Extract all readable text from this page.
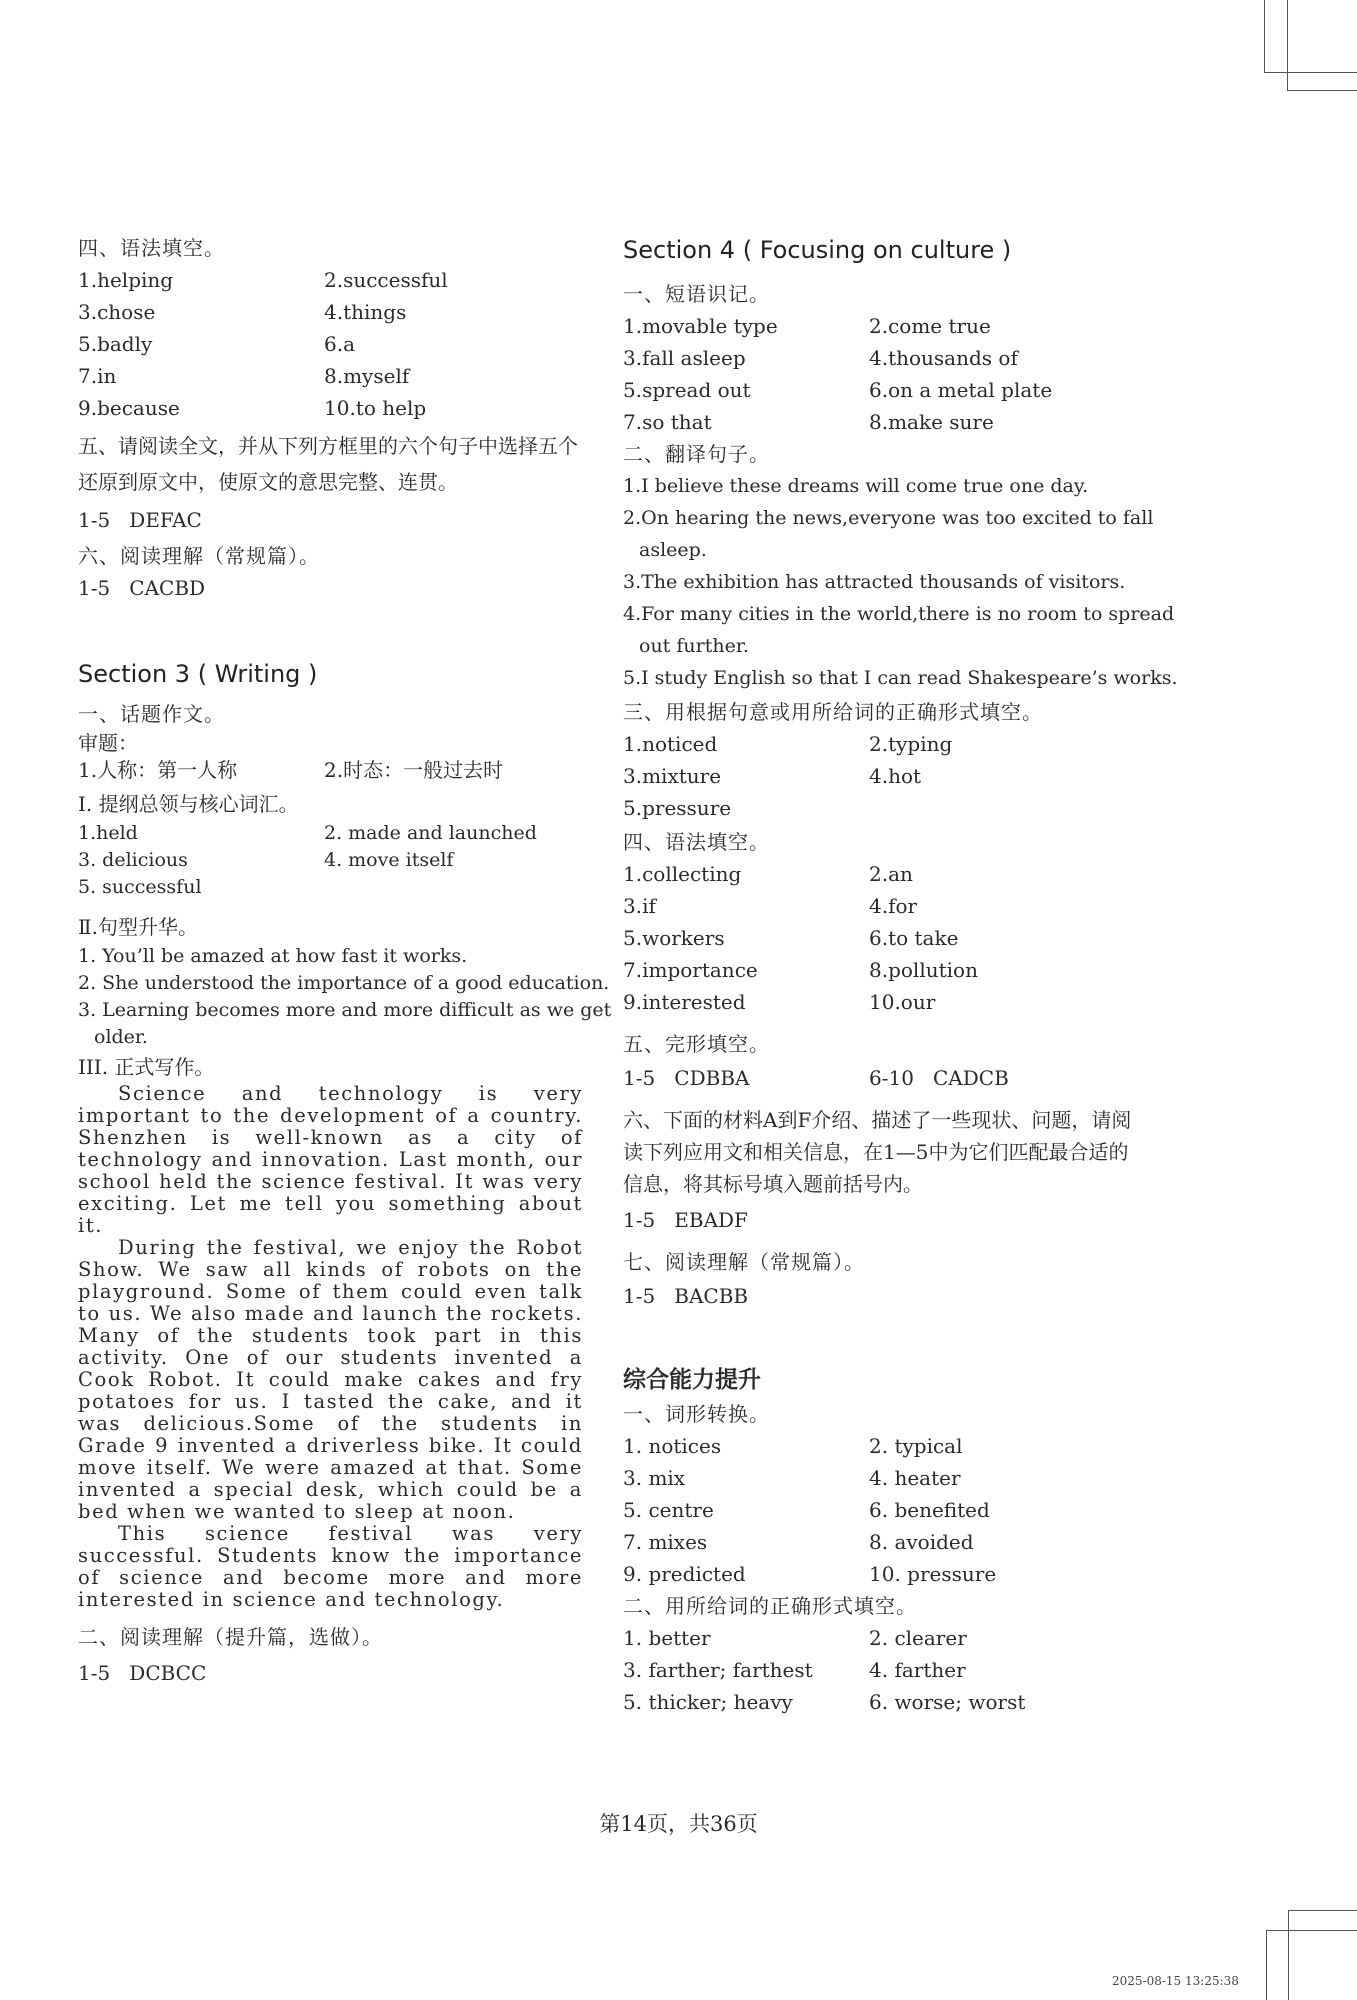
四、语法填空。
1.helping	2.successful
3.chose	4.things
5.badly	6.a
7.in	8.myself
9.because	10.to help
五、请阅读全文，并从下列方框里的六个句子中选择五个还原到原文中，使原文的意思完整、连贯。
1-5   DEFAC
六、阅读理解（常规篇）。
1-5   CACBD
Section 3 ( Writing )
一、话题作文。
审题：
1.人称：第一人称	2.时态：一般过去时
Ⅰ. 提纲总领与核心词汇。
1.held	2. made and launched
3. delicious	4. move itself
5. successful
Ⅱ.句型升华。
1. You’ll be amazed at how fast it works.
2. She understood the importance of a good education.
3. Learning becomes more and more difficult as we get
older.
III. 正式写作。

Science and technology is very important to the development of a country. Shenzhen is well-known as a city of technology and innovation. Last month, our school held the science festival. It was very exciting. Let me tell you something about it.

During the festival, we enjoy the Robot Show. We saw all kinds of robots on the playground. Some of them could even talk to us. We also made and launch the rockets. Many of the students took part in this activity. One of our students invented a Cook Robot. It could make cakes and fry potatoes for us. I tasted the cake, and it was delicious.Some of the students in Grade 9 invented a driverless bike. It could move itself. We were amazed at that. Some invented a special desk, which could be a bed when we wanted to sleep at noon.

This science festival was very successful. Students know the importance of science and become more and more interested in science and technology.

二、阅读理解（提升篇，选做）。
1-5   DCBCC
Section 4 ( Focusing on culture )
一、短语识记。
1.movable type	2.come true
3.fall asleep	4.thousands of
5.spread out	6.on a metal plate
7.so that	8.make sure
二、翻译句子。
1.I believe these dreams will come true one day.
2.On hearing the news,everyone was too excited to fall
asleep.
3.The exhibition has attracted thousands of visitors.
4.For many cities in the world,there is no room to spread
out further.
5.I study English so that I can read Shakespeare’s works.
三、用根据句意或用所给词的正确形式填空。
1.noticed	2.typing
3.mixture	4.hot
5.pressure
四、语法填空。
1.collecting	2.an
3.if	4.for
5.workers	6.to take
7.importance	8.pollution
9.interested	10.our
五、完形填空。
1-5   CDBBA	6-10   CADCB
六、下面的材料A到F介绍、描述了一些现状、问题，请阅读下列应用文和相关信息，在1—5中为它们匹配最合适的信息，将其标号填入题前括号内。
1-5   EBADF
七、阅读理解（常规篇）。
1-5   BACBB
综合能力提升
一、词形转换。
1. notices	2. typical
3. mix	4. heater
5. centre	6. benefited
7. mixes	8. avoided
9. predicted	10. pressure
二、用所给词的正确形式填空。
1. better	2. clearer
3. farther; farthest	4. farther
5. thicker; heavy	6. worse; worst
第14页，共36页
2025-08-15 13:25:38
